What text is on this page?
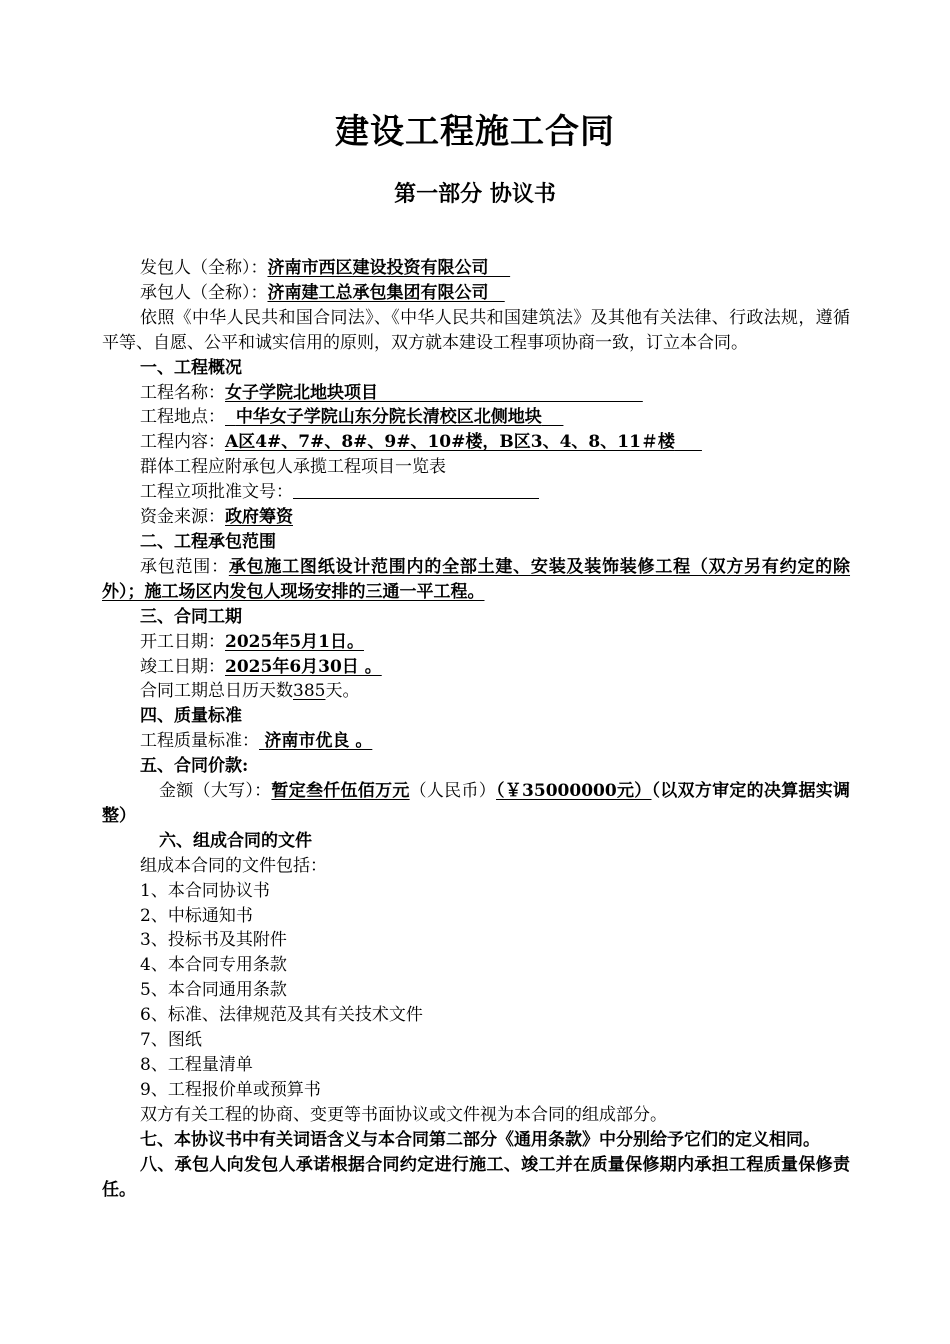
建设工程施工合同
第一部分 协议书
发包人（全称）：济南市西区建设投资有限公司
承包人（全称）：济南建工总承包集团有限公司
依照《中华人民共和国合同法》、《中华人民共和国建筑法》及其他有关法律、行政法规，遵循平等、自愿、公平和诚实信用的原则，双方就本建设工程事项协商一致，订立本合同。
一、工程概况
工程名称：女子学院北地块项目
工程地点： 中华女子学院山东分院长清校区北侧地块
工程内容：A区4#、7#、8#、9#、10#楼，B区3、4、8、11＃楼
群体工程应附承包人承揽工程项目一览表
工程立项批准文号：
资金来源：政府筹资
二、工程承包范围
承包范围：承包施工图纸设计范围内的全部土建、安装及装饰装修工程（双方另有约定的除外）；施工场区内发包人现场安排的三通一平工程。
三、合同工期
开工日期：2025年5月1日。
竣工日期：2025年6月30日 。
合同工期总日历天数385天。
四、质量标准
工程质量标准： 济南市优良 。
五、合同价款:
金额（大写）：暂定叁仟伍佰万元（人民币）（￥35000000元）（以双方审定的决算据实调整）
六、组成合同的文件
组成本合同的文件包括：
1、本合同协议书
2、中标通知书
3、投标书及其附件
4、本合同专用条款
5、本合同通用条款
6、标准、法律规范及其有关技术文件
7、图纸
8、工程量清单
9、工程报价单或预算书
双方有关工程的协商、变更等书面协议或文件视为本合同的组成部分。
七、本协议书中有关词语含义与本合同第二部分《通用条款》中分别给予它们的定义相同。
八、承包人向发包人承诺根据合同约定进行施工、竣工并在质量保修期内承担工程质量保修责任。
